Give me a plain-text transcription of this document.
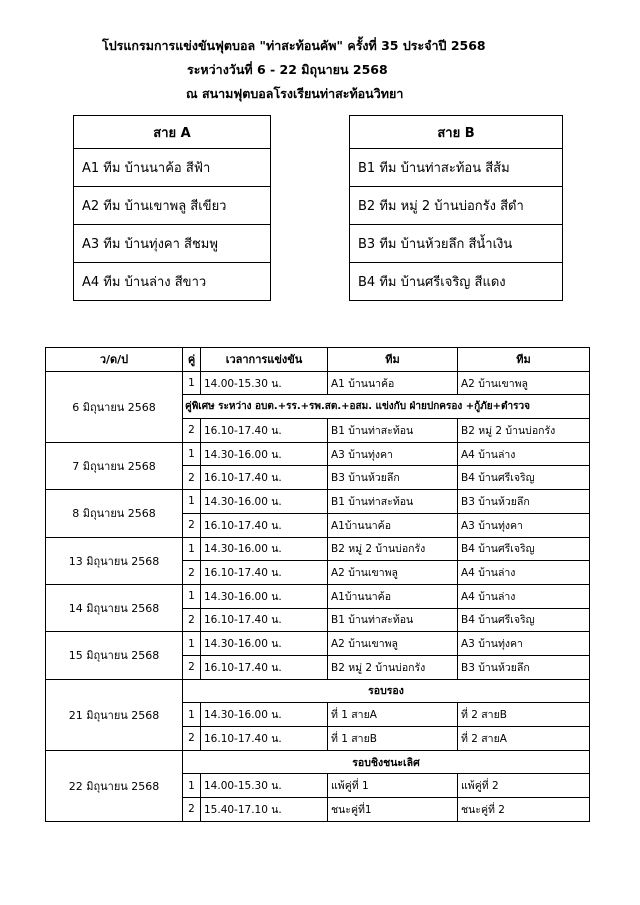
โปรแกรมการแข่งขันฟุตบอล "ท่าสะท้อนคัพ" ครั้งที่ 35 ประจำปี 2568
ระหว่างวันที่ 6 - 22 มิถุนายน 2568
ณ สนามฟุตบอลโรงเรียนท่าสะท้อนวิทยา
สาย A
A1 ทีม บ้านนาค้อ สีฟ้า
A2 ทีม บ้านเขาพลู สีเขียว
A3 ทีม บ้านทุ่งคา สีชมพู
A4 ทีม บ้านล่าง สีขาว
สาย B
B1 ทีม บ้านท่าสะท้อน สีส้ม
B2 ทีม หมู่ 2 บ้านบ่อกรัง สีดำ
B3 ทีม บ้านห้วยลึก สีน้ำเงิน
B4 ทีม บ้านศรีเจริญ สีแดง
ว/ด/ป	คู่	เวลาการแข่งขัน	ทีม	ทีม
6 มิถุนายน 2568	1	14.00-15.30 น.	A1 บ้านนาค้อ	A2 บ้านเขาพลู
	คู่พิเศษ ระหว่าง อบต.+รร.+รพ.สต.+อสม. แข่งกับ ฝ่ายปกครอง +กู้ภัย+ตำรวจ			
	2	16.10-17.40 น.	B1 บ้านท่าสะท้อน	B2 หมู่ 2 บ้านบ่อกรัง
7 มิถุนายน 2568	1	14.30-16.00 น.	A3 บ้านทุ่งคา	A4 บ้านล่าง
	2	16.10-17.40 น.	B3 บ้านห้วยลึก	B4 บ้านศรีเจริญ
8 มิถุนายน 2568	1	14.30-16.00 น.	B1 บ้านท่าสะท้อน	B3 บ้านห้วยลึก
	2	16.10-17.40 น.	A1บ้านนาค้อ	A3 บ้านทุ่งคา
13 มิถุนายน 2568	1	14.30-16.00 น.	B2 หมู่ 2 บ้านบ่อกรัง	B4 บ้านศรีเจริญ
	2	16.10-17.40 น.	A2 บ้านเขาพลู	A4 บ้านล่าง
14 มิถุนายน 2568	1	14.30-16.00 น.	A1บ้านนาค้อ	A4 บ้านล่าง
	2	16.10-17.40 น.	B1 บ้านท่าสะท้อน	B4 บ้านศรีเจริญ
15 มิถุนายน 2568	1	14.30-16.00 น.	A2 บ้านเขาพลู	A3 บ้านทุ่งคา
	2	16.10-17.40 น.	B2 หมู่ 2 บ้านบ่อกรัง	B3 บ้านห้วยลึก
21 มิถุนายน 2568	รอบรอง			
	1	14.30-16.00 น.	ที่ 1 สายA	ที่ 2 สายB
	2	16.10-17.40 น.	ที่ 1 สายB	ที่ 2 สายA
22 มิถุนายน 2568	รอบชิงชนะเลิศ			
	1	14.00-15.30 น.	แพ้คู่ที่ 1	แพ้คู่ที่ 2
	2	15.40-17.10 น.	ชนะคู่ที่1	ชนะคู่ที่ 2
